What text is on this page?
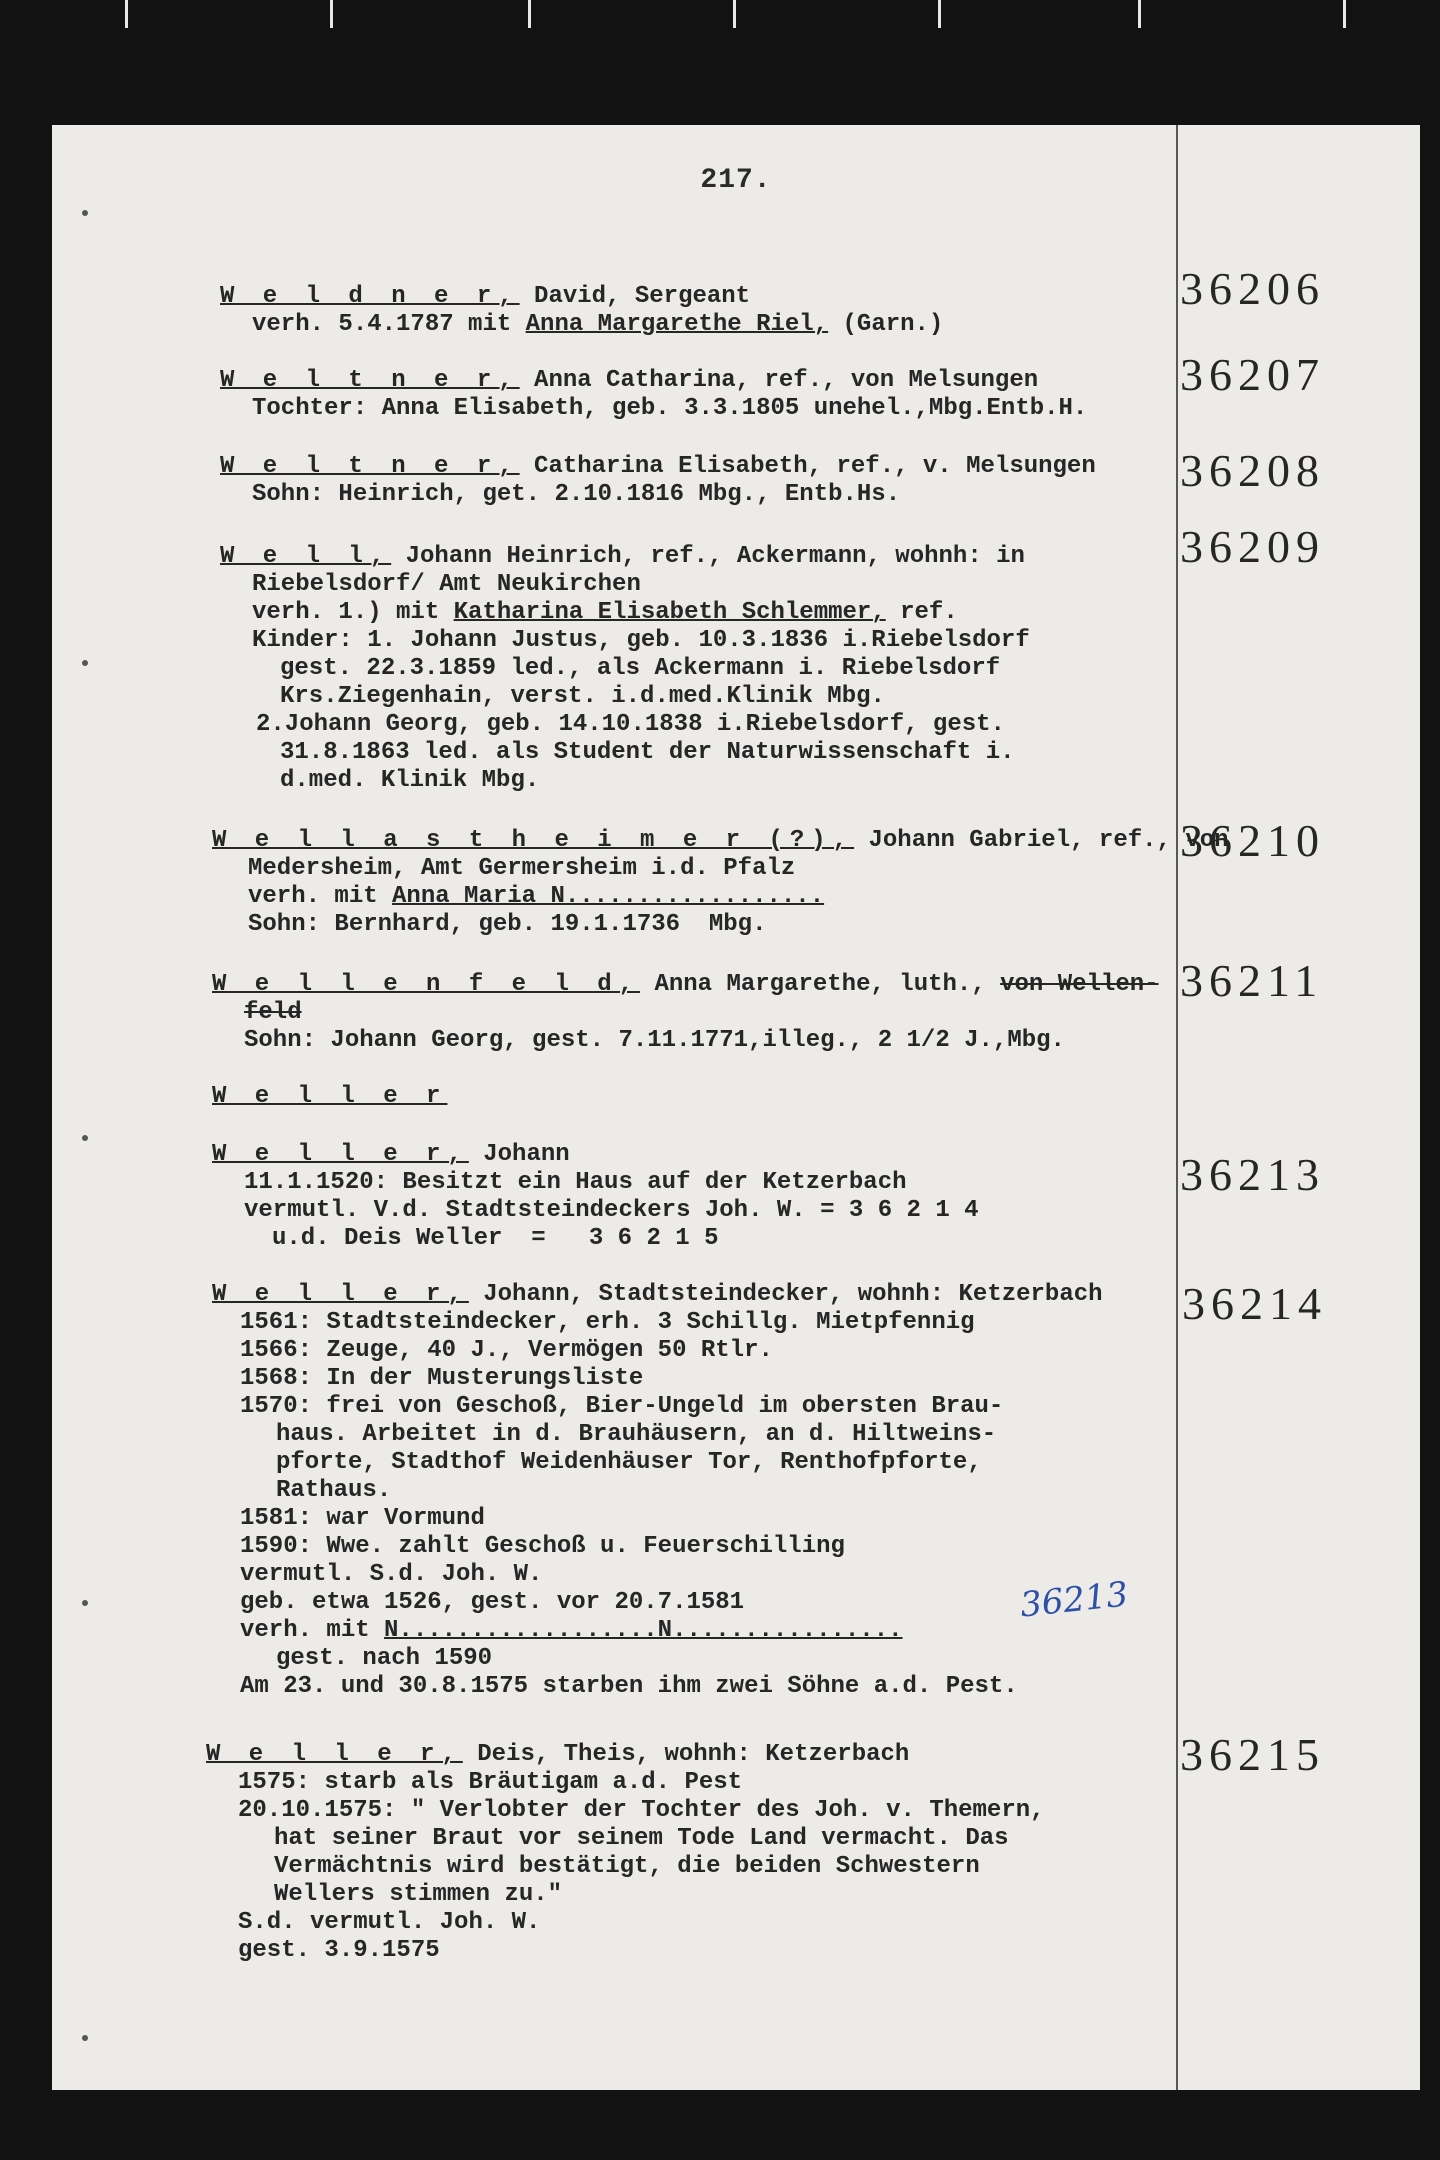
217.
36206
W e l d n e r, David, Sergeant
verh. 5.4.1787 mit Anna Margarethe Riel, (Garn.)
36207
W e l t n e r, Anna Catharina, ref., von Melsungen
Tochter: Anna Elisabeth, geb. 3.3.1805 unehel.,Mbg.Entb.H.
36208
W e l t n e r, Catharina Elisabeth, ref., v. Melsungen
Sohn: Heinrich, get. 2.10.1816 Mbg., Entb.Hs.
36209
W e l l, Johann Heinrich, ref., Ackermann, wohnh: in
Riebelsdorf/ Amt Neukirchen
verh. 1.) mit Katharina Elisabeth Schlemmer, ref.
Kinder: 1. Johann Justus, geb. 10.3.1836 i.Riebelsdorf
gest. 22.3.1859 led., als Ackermann i. Riebelsdorf
Krs.Ziegenhain, verst. i.d.med.Klinik Mbg.
2.Johann Georg, geb. 14.10.1838 i.Riebelsdorf, gest.
31.8.1863 led. als Student der Naturwissenschaft i.
d.med. Klinik Mbg.
36210
W e l l a s t h e i m e r (?), Johann Gabriel, ref., von
Medersheim, Amt Germersheim i.d. Pfalz
verh. mit Anna Maria N..................
Sohn: Bernhard, geb. 19.1.1736  Mbg.
36211
W e l l e n f e l d, Anna Margarethe, luth., von Wellen-
feld
Sohn: Johann Georg, gest. 7.11.1771,illeg., 2 1/2 J.,Mbg.
W e l l e r
36213
W e l l e r, Johann
11.1.1520: Besitzt ein Haus auf der Ketzerbach
vermutl. V.d. Stadtsteindeckers Joh. W. = 3 6 2 1 4
u.d. Deis Weller  =   3 6 2 1 5
36214
W e l l e r, Johann, Stadtsteindecker, wohnh: Ketzerbach
1561: Stadtsteindecker, erh. 3 Schillg. Mietpfennig
1566: Zeuge, 40 J., Vermögen 50 Rtlr.
1568: In der Musterungsliste
1570: frei von Geschoß, Bier-Ungeld im obersten Brau-
haus. Arbeitet in d. Brauhäusern, an d. Hiltweins-
pforte, Stadthof Weidenhäuser Tor, Renthofpforte,
Rathaus.
1581: war Vormund
1590: Wwe. zahlt Geschoß u. Feuerschilling
vermutl. S.d. Joh. W.
geb. etwa 1526, gest. vor 20.7.1581
verh. mit N..................N................
gest. nach 1590
Am 23. und 30.8.1575 starben ihm zwei Söhne a.d. Pest.
36213
36215
W e l l e r, Deis, Theis, wohnh: Ketzerbach
1575: starb als Bräutigam a.d. Pest
20.10.1575: " Verlobter der Tochter des Joh. v. Themern,
hat seiner Braut vor seinem Tode Land vermacht. Das
Vermächtnis wird bestätigt, die beiden Schwestern
Wellers stimmen zu."
S.d. vermutl. Joh. W.
gest. 3.9.1575
